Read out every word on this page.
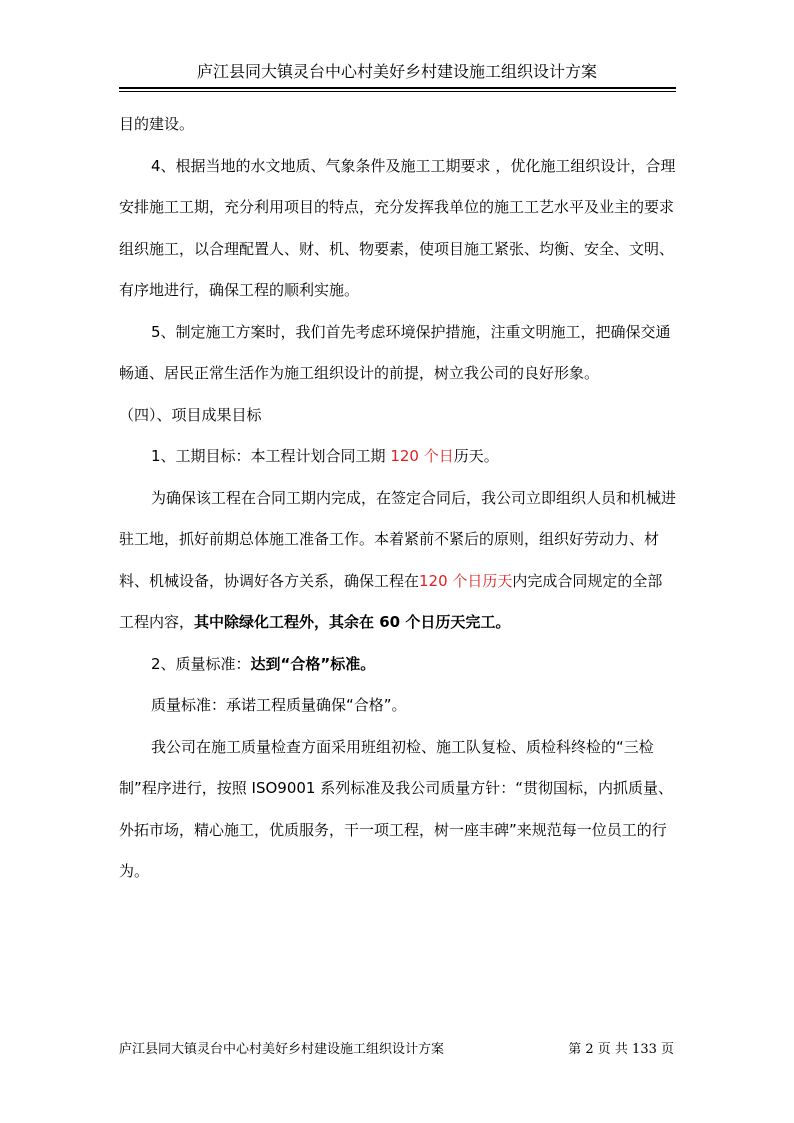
庐江县同大镇灵台中心村美好乡村建设施工组织设计方案

目的建设。

4、根据当地的水文地质、气象条件及施工工期要求 ，优化施工组织设计，合理安排施工工期，充分利用项目的特点，充分发挥我单位的施工工艺水平及业主的要求组织施工，以合理配置人、财、机、物要素，使项目施工紧张、均衡、安全、文明、有序地进行，确保工程的顺利实施。

5、制定施工方案时，我们首先考虑环境保护措施，注重文明施工，把确保交通畅通、居民正常生活作为施工组织设计的前提，树立我公司的良好形象。

（四）、项目成果目标

1、工期目标：本工程计划合同工期 120 个日历天。

为确保该工程在合同工期内完成，在签定合同后，我公司立即组织人员和机械进驻工地，抓好前期总体施工准备工作。本着紧前不紧后的原则，组织好劳动力、材料、机械设备，协调好各方关系，确保工程在120 个日历天内完成合同规定的全部工程内容，其中除绿化工程外，其余在 60 个日历天完工。

2、质量标准：达到“合格”标准。

质量标准：承诺工程质量确保“合格”。

我公司在施工质量检查方面采用班组初检、施工队复检、质检科终检的“三检制”程序进行，按照 ISO9001 系列标准及我公司质量方针：“贯彻国标，内抓质量、外拓市场，精心施工，优质服务，干一项工程，树一座丰碑”来规范每一位员工的行为。

庐江县同大镇灵台中心村美好乡村建设施工组织设计方案	第 2 页 共 133 页
